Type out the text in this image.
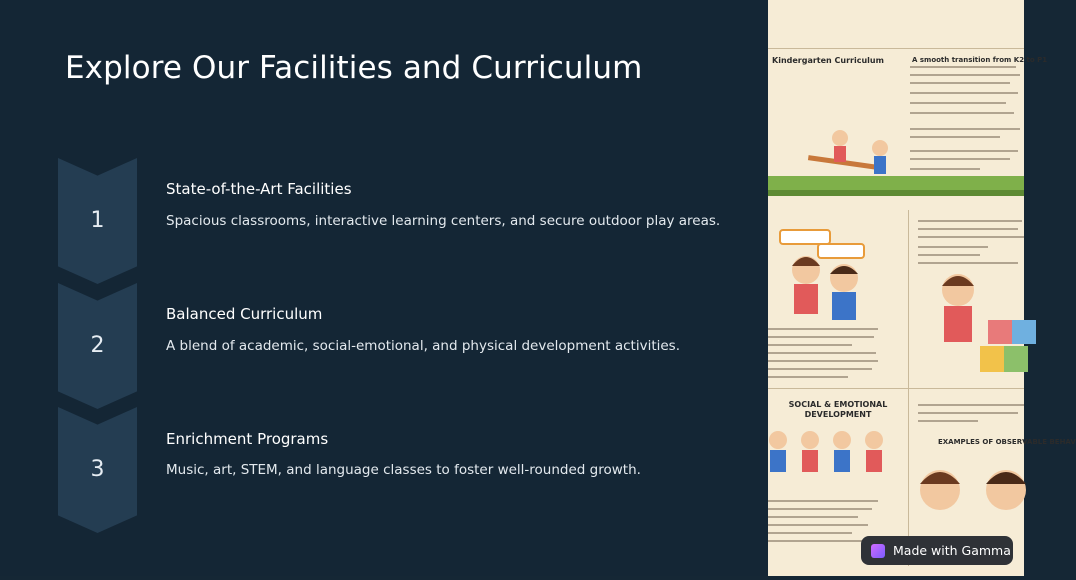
Explore Our Facilities and Curriculum
1
State-of-the-Art Facilities
Spacious classrooms, interactive learning centers, and secure outdoor play areas.
2
Balanced Curriculum
A blend of academic, social-emotional, and physical development activities.
3
Enrichment Programs
Music, art, STEM, and language classes to foster well-rounded growth.
Kindergarten Curriculum	A smooth transition from K2 to P1
SOCIAL & EMOTIONAL DEVELOPMENT
EXAMPLES OF OBSERVABLE BEHAV
Made with Gamma
